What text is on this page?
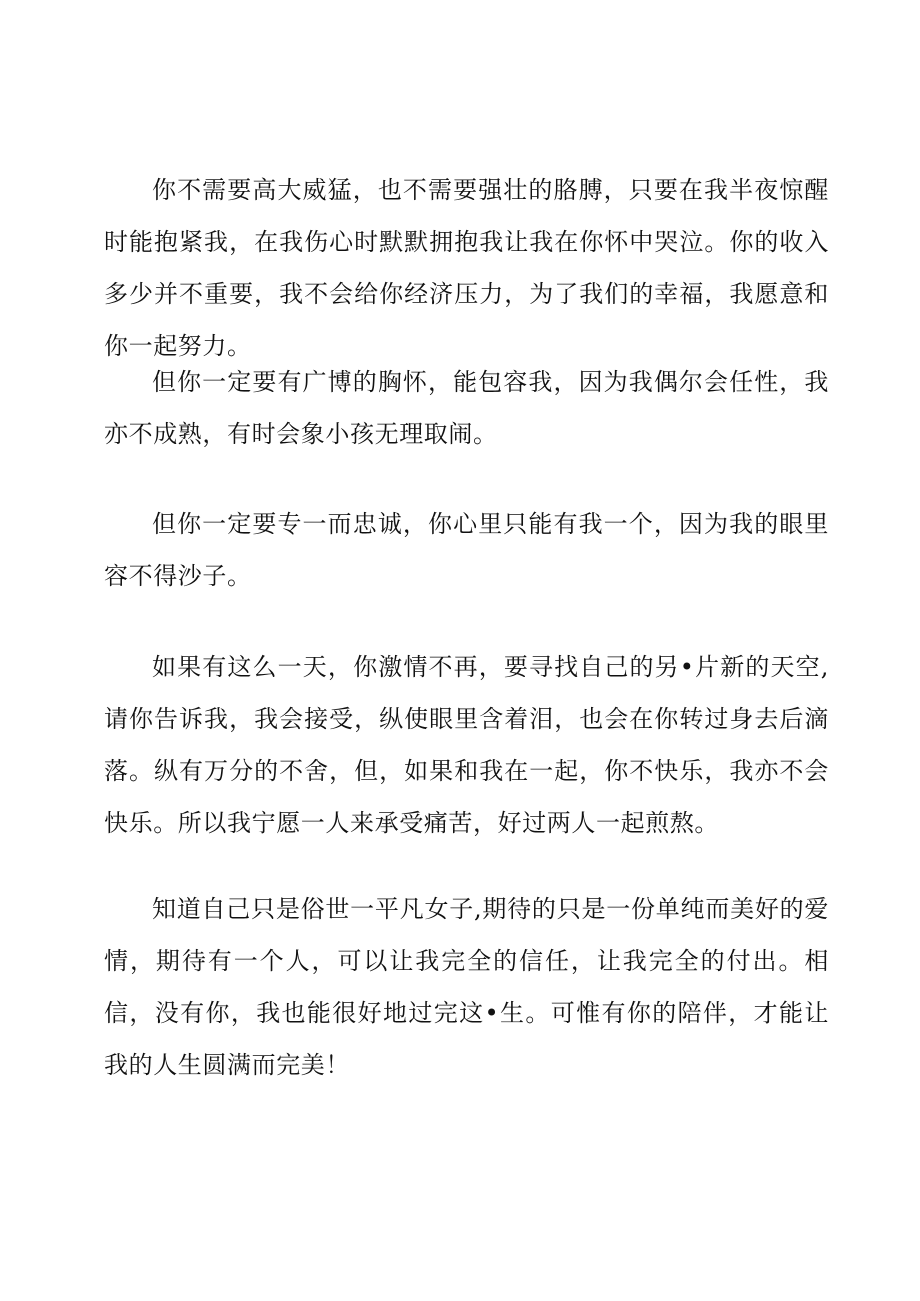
你不需要高大威猛，也不需要强壮的胳膊，只要在我半夜惊醒时能抱紧我，在我伤心时默默拥抱我让我在你怀中哭泣。你的收入多少并不重要，我不会给你经济压力，为了我们的幸福，我愿意和你一起努力。

但你一定要有广博的胸怀，能包容我，因为我偶尔会任性，我亦不成熟，有时会象小孩无理取闹。

但你一定要专一而忠诚，你心里只能有我一个，因为我的眼里容不得沙子。

如果有这么一天，你激情不再，要寻找自己的另•片新的天空,请你告诉我，我会接受，纵使眼里含着泪，也会在你转过身去后滴落。纵有万分的不舍，但，如果和我在一起，你不快乐，我亦不会快乐。所以我宁愿一人来承受痛苦，好过两人一起煎熬。

知道自己只是俗世一平凡女子,期待的只是一份单纯而美好的爱情，期待有一个人，可以让我完全的信任，让我完全的付出。相信，没有你，我也能很好地过完这•生。可惟有你的陪伴，才能让我的人生圆满而完美！
